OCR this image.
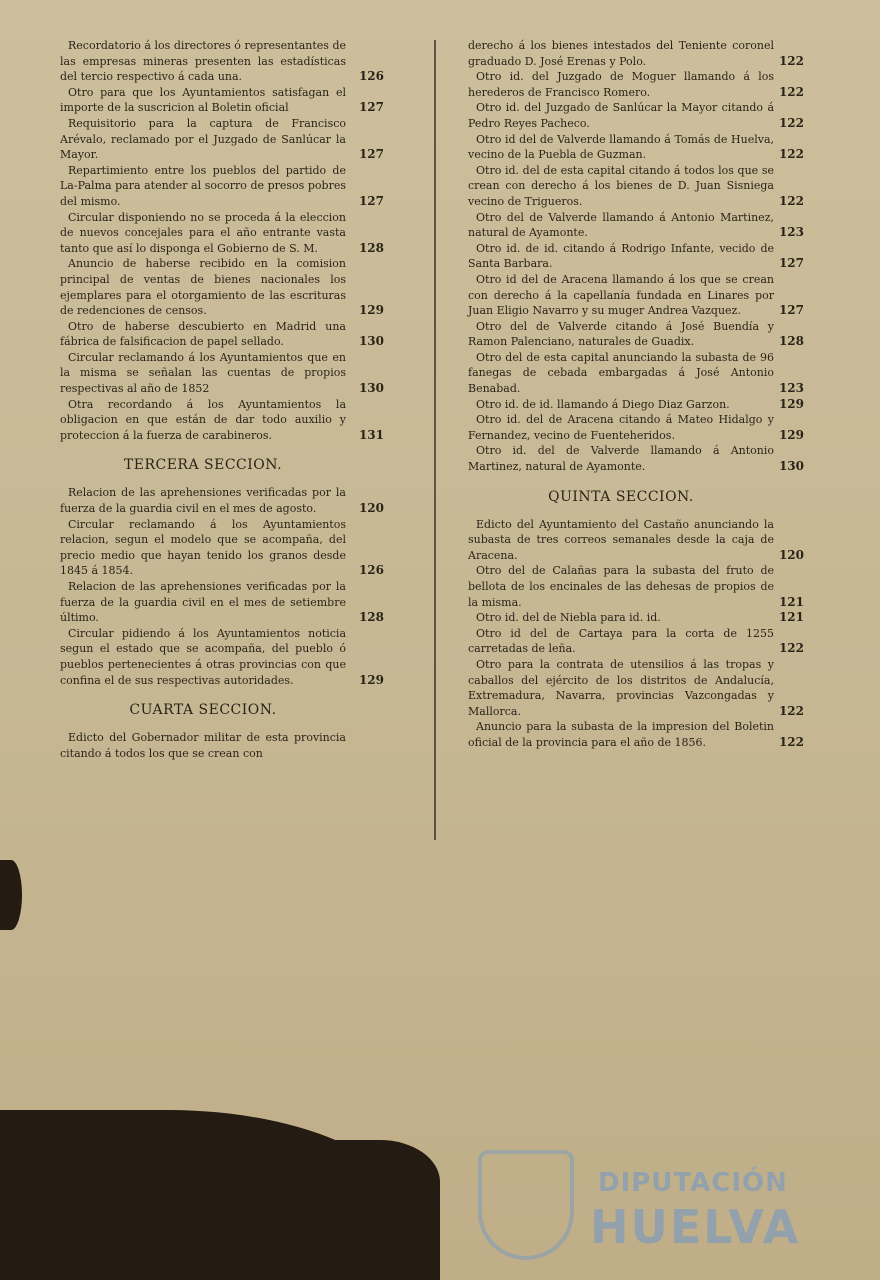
Recordatorio á los directores ó representantes de las empresas mineras presenten las estadísticas del tercio respectivo á cada una.	126
Otro para que los Ayuntamientos satisfagan el importe de la suscricion al Boletin oficial	127
Requisitorio para la captura de Francisco Arévalo, reclamado por el Juzgado de Sanlúcar la Mayor.	127
Repartimiento entre los pueblos del partido de La-Palma para atender al socorro de presos pobres del mismo.	127
Circular disponiendo no se proceda á la eleccion de nuevos concejales para el año entrante vasta tanto que así lo disponga el Gobierno de S. M.	128
Anuncio de haberse recibido en la comision principal de ventas de bienes nacionales los ejemplares para el otorgamiento de las escrituras de redenciones de censos.	129
Otro de haberse descubierto en Madrid una fábrica de falsificacion de papel sellado.	130
Circular reclamando á los Ayuntamientos que en la misma se señalan las cuentas de propios respectivas al año de 1852	130
Otra recordando á los Ayuntamientos la obligacion en que están de dar todo auxilio y proteccion á la fuerza de carabineros.	131
TERCERA SECCION.
Relacion de las aprehensiones verificadas por la fuerza de la guardia civil en el mes de agosto.	120
Circular reclamando á los Ayuntamientos relacion, segun el modelo que se acompaña, del precio medio que hayan tenido los granos desde 1845 á 1854.	126
Relacion de las aprehensiones verificadas por la fuerza de la guardia civil en el mes de setiembre último.	128
Circular pidiendo á los Ayuntamientos noticia segun el estado que se acompaña, del pueblo ó pueblos pertenecientes á otras provincias con que confina el de sus respectivas autoridades.	129
CUARTA SECCION.
Edicto del Gobernador militar de esta provincia citando á todos los que se crean con
derecho á los bienes intestados del Teniente coronel graduado D. José Erenas y Polo.	122
Otro id. del Juzgado de Moguer llamando á los herederos de Francisco Romero.	122
Otro id. del Juzgado de Sanlúcar la Mayor citando á Pedro Reyes Pacheco.	122
Otro id del de Valverde llamando á Tomás de Huelva, vecino de la Puebla de Guzman.	122
Otro id. del de esta capital citando á todos los que se crean con derecho á los bienes de D. Juan Sisniega vecino de Trigueros.	122
Otro del de Valverde llamando á Antonio Martinez, natural de Ayamonte.	123
Otro id. de id. citando á Rodrigo Infante, vecido de Santa Barbara.	127
Otro id del de Aracena llamando á los que se crean con derecho á la capellanía fundada en Linares por Juan Eligio Navarro y su muger Andrea Vazquez.	127
Otro del de Valverde citando á José Buendía y Ramon Palenciano, naturales de Guadix.	128
Otro del de esta capital anunciando la subasta de 96 fanegas de cebada embargadas á José Antonio Benabad.	123
Otro id. de id. llamando á Diego Diaz Garzon.	129
Otro id. del de Aracena citando á Mateo Hidalgo y Fernandez, vecino de Fuenteheridos.	129
Otro id. del de Valverde llamando á Antonio Martinez, natural de Ayamonte.	130
QUINTA SECCION.
Edicto del Ayuntamiento del Castaño anunciando la subasta de tres correos semanales desde la caja de Aracena.	120
Otro del de Calañas para la subasta del fruto de bellota de los encinales de las dehesas de propios de la misma.	121
Otro id. del de Niebla para id. id.	121
Otro id del de Cartaya para la corta de 1255 carretadas de leña.	122
Otro para la contrata de utensilios á las tropas y caballos del ejército de los distritos de Andalucía, Extremadura, Navarra, provincias Vazcongadas y Mallorca.	122
Anuncio para la subasta de la impresion del Boletin oficial de la provincia para el año de 1856.	122
DIPUTACIÓN
HUELVA
